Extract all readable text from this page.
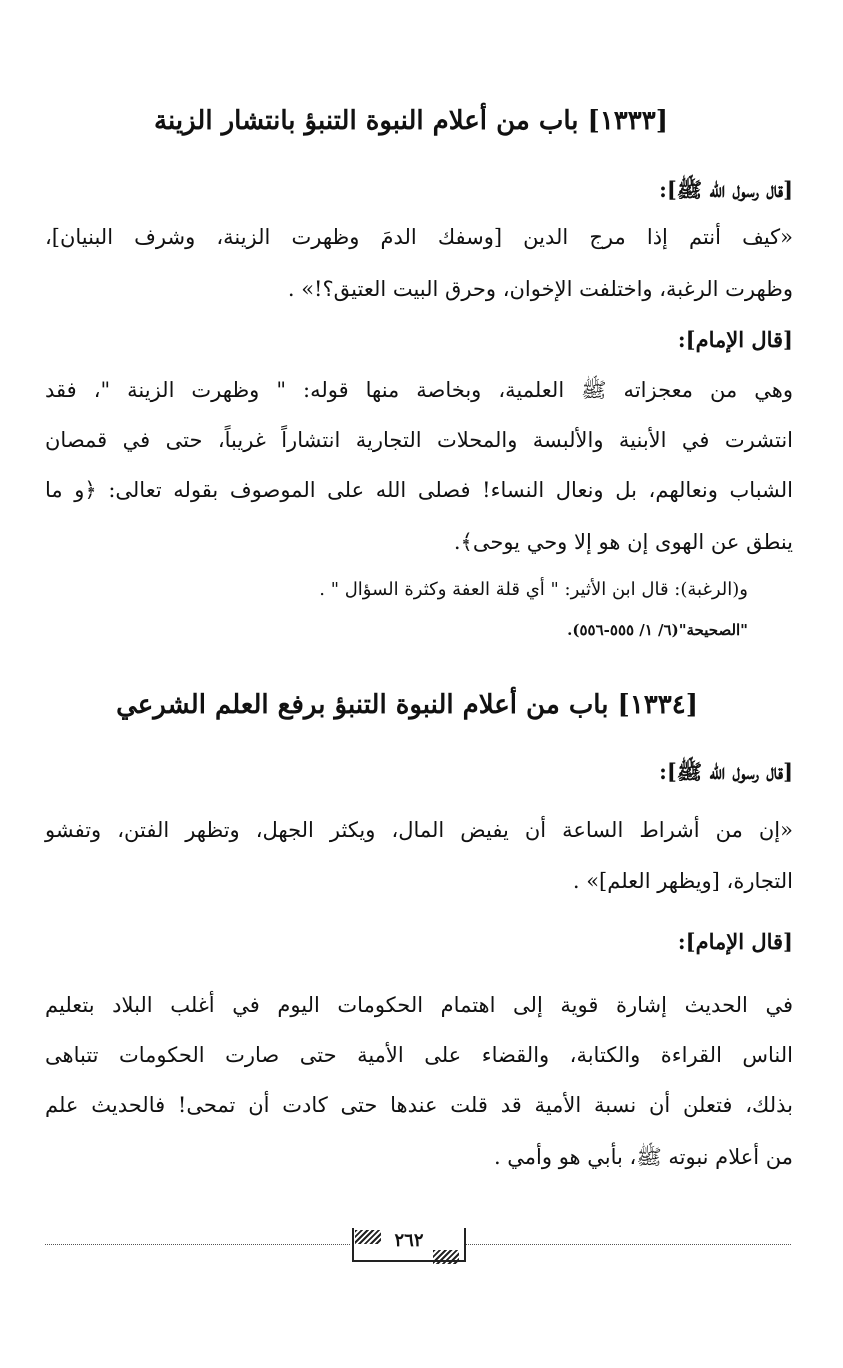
[١٣٣٣] باب من أعلام النبوة التنبؤ بانتشار الزينة
[قال رسول الله ﷺ]:
«كيف أنتم إذا مرج الدين [وسفك الدمَ وظهرت الزينة، وشرف البنيان]،
وظهرت الرغبة، واختلفت الإخوان، وحرق البيت العتيق؟!» .
[قال الإمام]:
وهي من معجزاته ﷺ العلمية، وبخاصة منها قوله: " وظهرت الزينة "، فقد
انتشرت في الأبنية والألبسة والمحلات التجارية انتشاراً غريباً، حتى في قمصان
الشباب ونعالهم، بل ونعال النساء! فصلى الله على الموصوف بقوله تعالى: ﴿و ما
ينطق عن الهوى إن هو إلا وحي يوحى﴾.
و(الرغبة): قال ابن الأثير: " أي قلة العفة وكثرة السؤال " .
"الصحيحة"(٦/ ١/ ٥٥٥-٥٥٦).
[١٣٣٤] باب من أعلام النبوة التنبؤ برفع العلم الشرعي
[قال رسول الله ﷺ]:
«إن من أشراط الساعة أن يفيض المال، ويكثر الجهل، وتظهر الفتن، وتفشو
التجارة، [ويظهر العلم]» .
[قال الإمام]:
في الحديث إشارة قوية إلى اهتمام الحكومات اليوم في أغلب البلاد بتعليم
الناس القراءة والكتابة، والقضاء على الأمية حتى صارت الحكومات تتباهى
بذلك، فتعلن أن نسبة الأمية قد قلت عندها حتى كادت أن تمحى! فالحديث علم
من أعلام نبوته ﷺ، بأبي هو وأمي .
٢٦٢
